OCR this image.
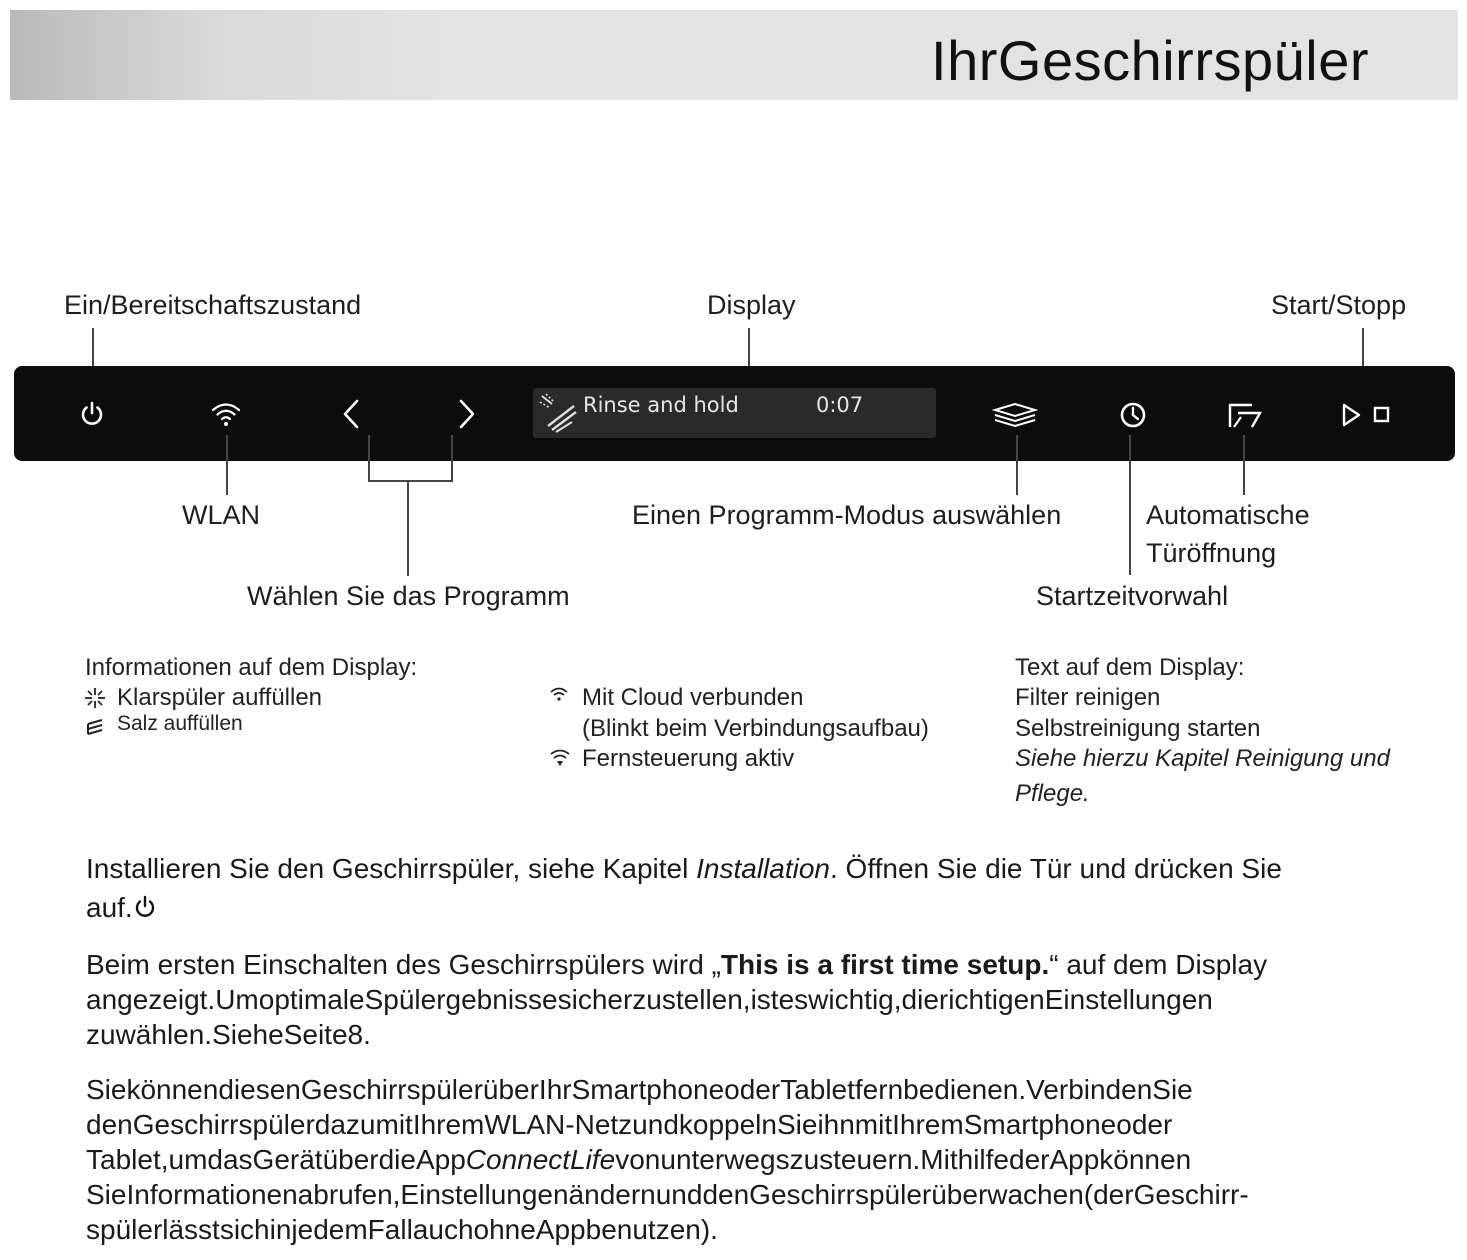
IhrGeschirrspüler
Ein/Bereitschaftszustand	Display	Start/Stopp
Rinse and hold	0:07
WLAN
Wählen Sie das Programm
Einen Programm-Modus auswählen	Automatische
Türöffnung
Startzeitvorwahl
Informationen auf dem Display:
Klarspüler auffüllen
Salz auffüllen
Mit Cloud verbunden
(Blinkt beim Verbindungsaufbau)
Fernsteuerung aktiv
Text auf dem Display:
Filter reinigen
Selbstreinigung starten
Siehe hierzu Kapitel Reinigung und
Pflege.
Installieren Sie den Geschirrspüler, siehe Kapitel Installation. Öffnen Sie die Tür und drücken Sie
auf.
Beim ersten Einschalten des Geschirrspülers wird „This is a first time setup.“ auf dem Display
angezeigt.UmoptimaleSpülergebnissesicherzustellen,isteswichtig,dierichtigenEinstellungen
zuwählen.SieheSeite8.
SiekönnendiesenGeschirrspülerüberIhrSmartphoneoderTabletfernbedienen.VerbindenSie
denGeschirrspülerdazumitIhremWLAN-NetzundkoppelnSieihnmitIhremSmartphoneoder
Tablet,umdasGerätüberdieAppConnectLifevonunterwegszusteuern.MithilfederAppkönnen
SieInformationenabrufen,EinstellungenändernunddenGeschirrspülerüberwachen(derGeschirr-
spülerlässtsichinjedemFallauchohneAppbenutzen).
